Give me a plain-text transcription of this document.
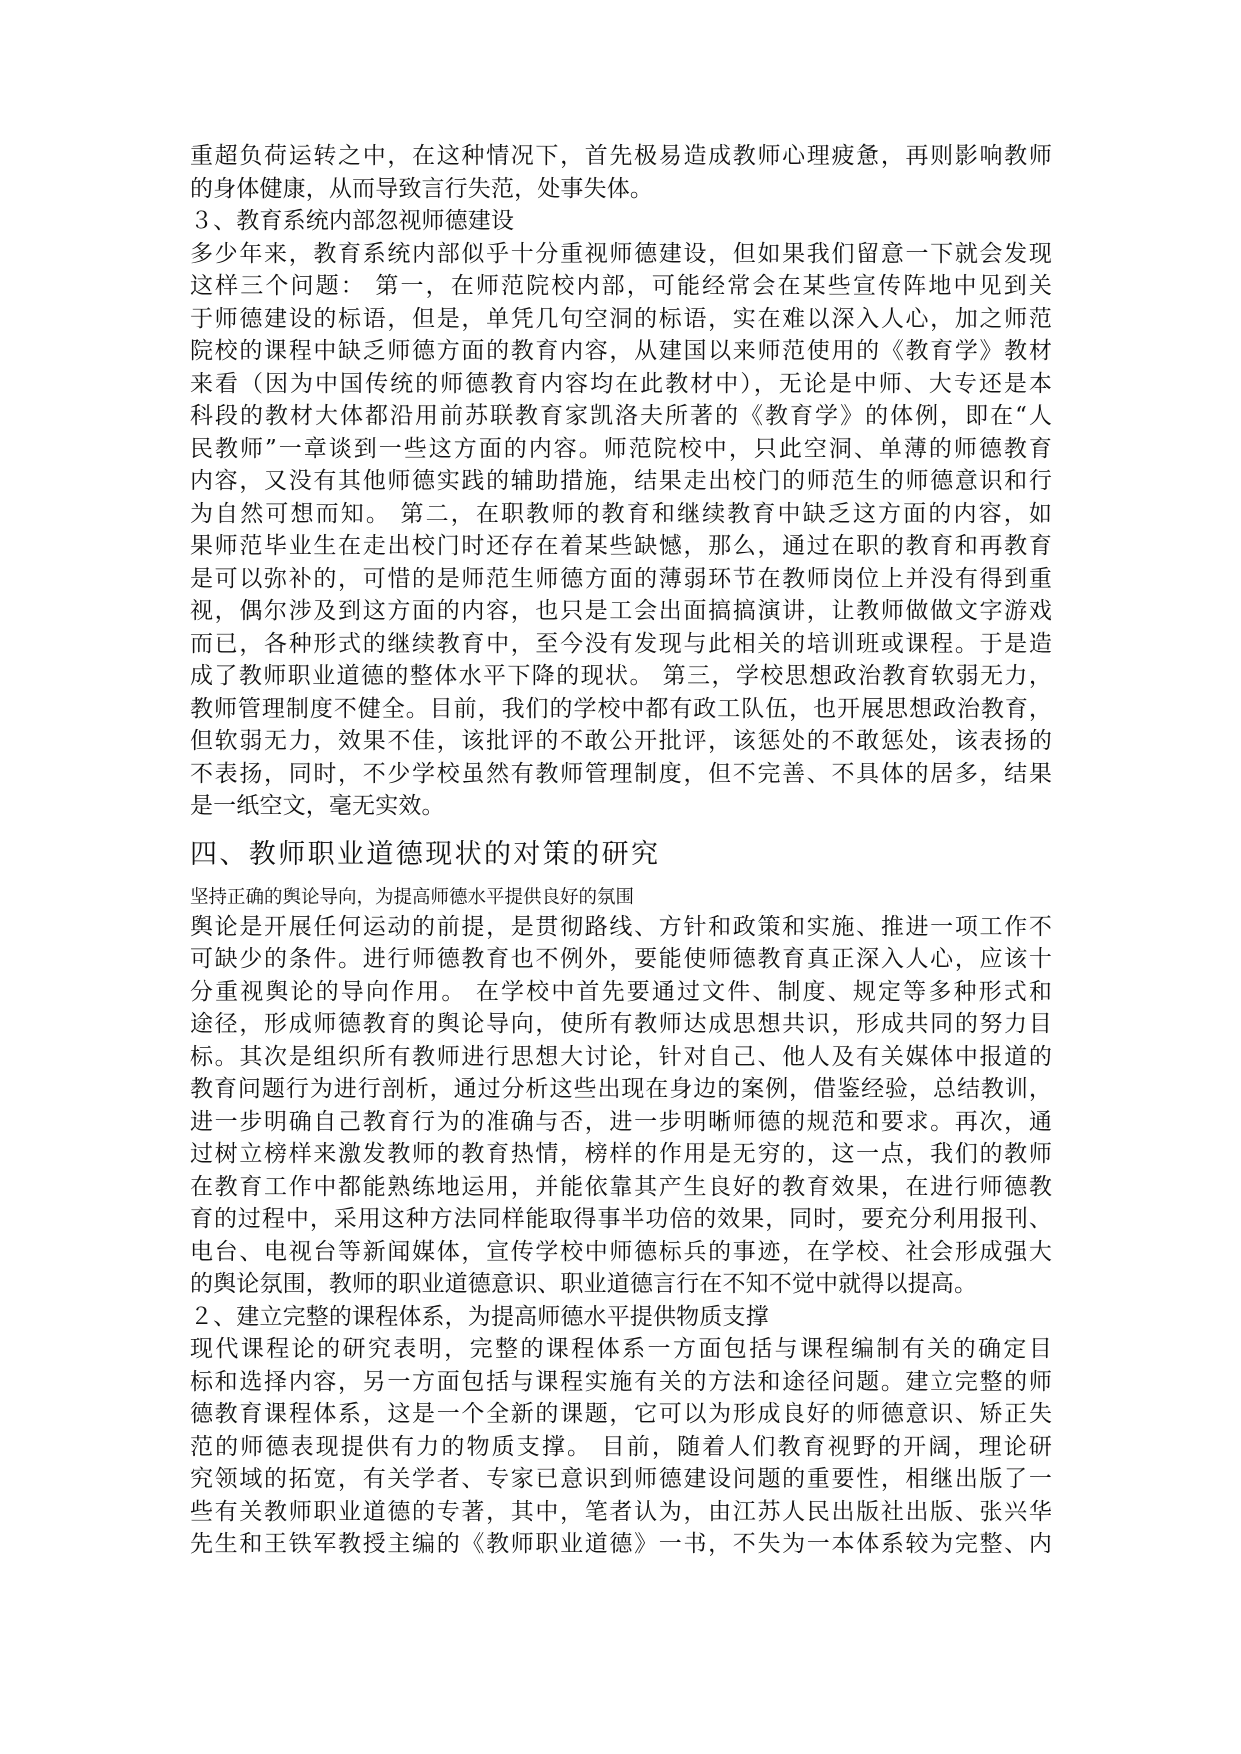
重超负荷运转之中，在这种情况下，首先极易造成教师心理疲惫，再则影响教师
的身体健康，从而导致言行失范，处事失体。
３、教育系统内部忽视师德建设
多少年来，教育系统内部似乎十分重视师德建设，但如果我们留意一下就会发现
这样三个问题： 第一，在师范院校内部，可能经常会在某些宣传阵地中见到关
于师德建设的标语，但是，单凭几句空洞的标语，实在难以深入人心，加之师范
院校的课程中缺乏师德方面的教育内容，从建国以来师范使用的《教育学》教材
来看（因为中国传统的师德教育内容均在此教材中），无论是中师、大专还是本
科段的教材大体都沿用前苏联教育家凯洛夫所著的《教育学》的体例，即在“人
民教师”一章谈到一些这方面的内容。师范院校中，只此空洞、单薄的师德教育
内容，又没有其他师德实践的辅助措施，结果走出校门的师范生的师德意识和行
为自然可想而知。 第二，在职教师的教育和继续教育中缺乏这方面的内容，如
果师范毕业生在走出校门时还存在着某些缺憾，那么，通过在职的教育和再教育
是可以弥补的，可惜的是师范生师德方面的薄弱环节在教师岗位上并没有得到重
视，偶尔涉及到这方面的内容，也只是工会出面搞搞演讲，让教师做做文字游戏
而已，各种形式的继续教育中，至今没有发现与此相关的培训班或课程。于是造
成了教师职业道德的整体水平下降的现状。 第三，学校思想政治教育软弱无力，
教师管理制度不健全。目前，我们的学校中都有政工队伍，也开展思想政治教育，
但软弱无力，效果不佳，该批评的不敢公开批评，该惩处的不敢惩处，该表扬的
不表扬，同时，不少学校虽然有教师管理制度，但不完善、不具体的居多，结果
是一纸空文，毫无实效。
四、教师职业道德现状的对策的研究
坚持正确的舆论导向，为提高师德水平提供良好的氛围
舆论是开展任何运动的前提，是贯彻路线、方针和政策和实施、推进一项工作不
可缺少的条件。进行师德教育也不例外，要能使师德教育真正深入人心，应该十
分重视舆论的导向作用。 在学校中首先要通过文件、制度、规定等多种形式和
途径，形成师德教育的舆论导向，使所有教师达成思想共识，形成共同的努力目
标。其次是组织所有教师进行思想大讨论，针对自己、他人及有关媒体中报道的
教育问题行为进行剖析，通过分析这些出现在身边的案例，借鉴经验，总结教训，
进一步明确自己教育行为的准确与否，进一步明晰师德的规范和要求。再次，通
过树立榜样来激发教师的教育热情，榜样的作用是无穷的，这一点，我们的教师
在教育工作中都能熟练地运用，并能依靠其产生良好的教育效果，在进行师德教
育的过程中，采用这种方法同样能取得事半功倍的效果，同时，要充分利用报刊、
电台、电视台等新闻媒体，宣传学校中师德标兵的事迹，在学校、社会形成强大
的舆论氛围，教师的职业道德意识、职业道德言行在不知不觉中就得以提高。
２、建立完整的课程体系，为提高师德水平提供物质支撑
现代课程论的研究表明，完整的课程体系一方面包括与课程编制有关的确定目
标和选择内容，另一方面包括与课程实施有关的方法和途径问题。建立完整的师
德教育课程体系，这是一个全新的课题，它可以为形成良好的师德意识、矫正失
范的师德表现提供有力的物质支撑。 目前，随着人们教育视野的开阔，理论研
究领域的拓宽，有关学者、专家已意识到师德建设问题的重要性，相继出版了一
些有关教师职业道德的专著，其中，笔者认为，由江苏人民出版社出版、张兴华
先生和王铁军教授主编的《教师职业道德》一书，不失为一本体系较为完整、内
